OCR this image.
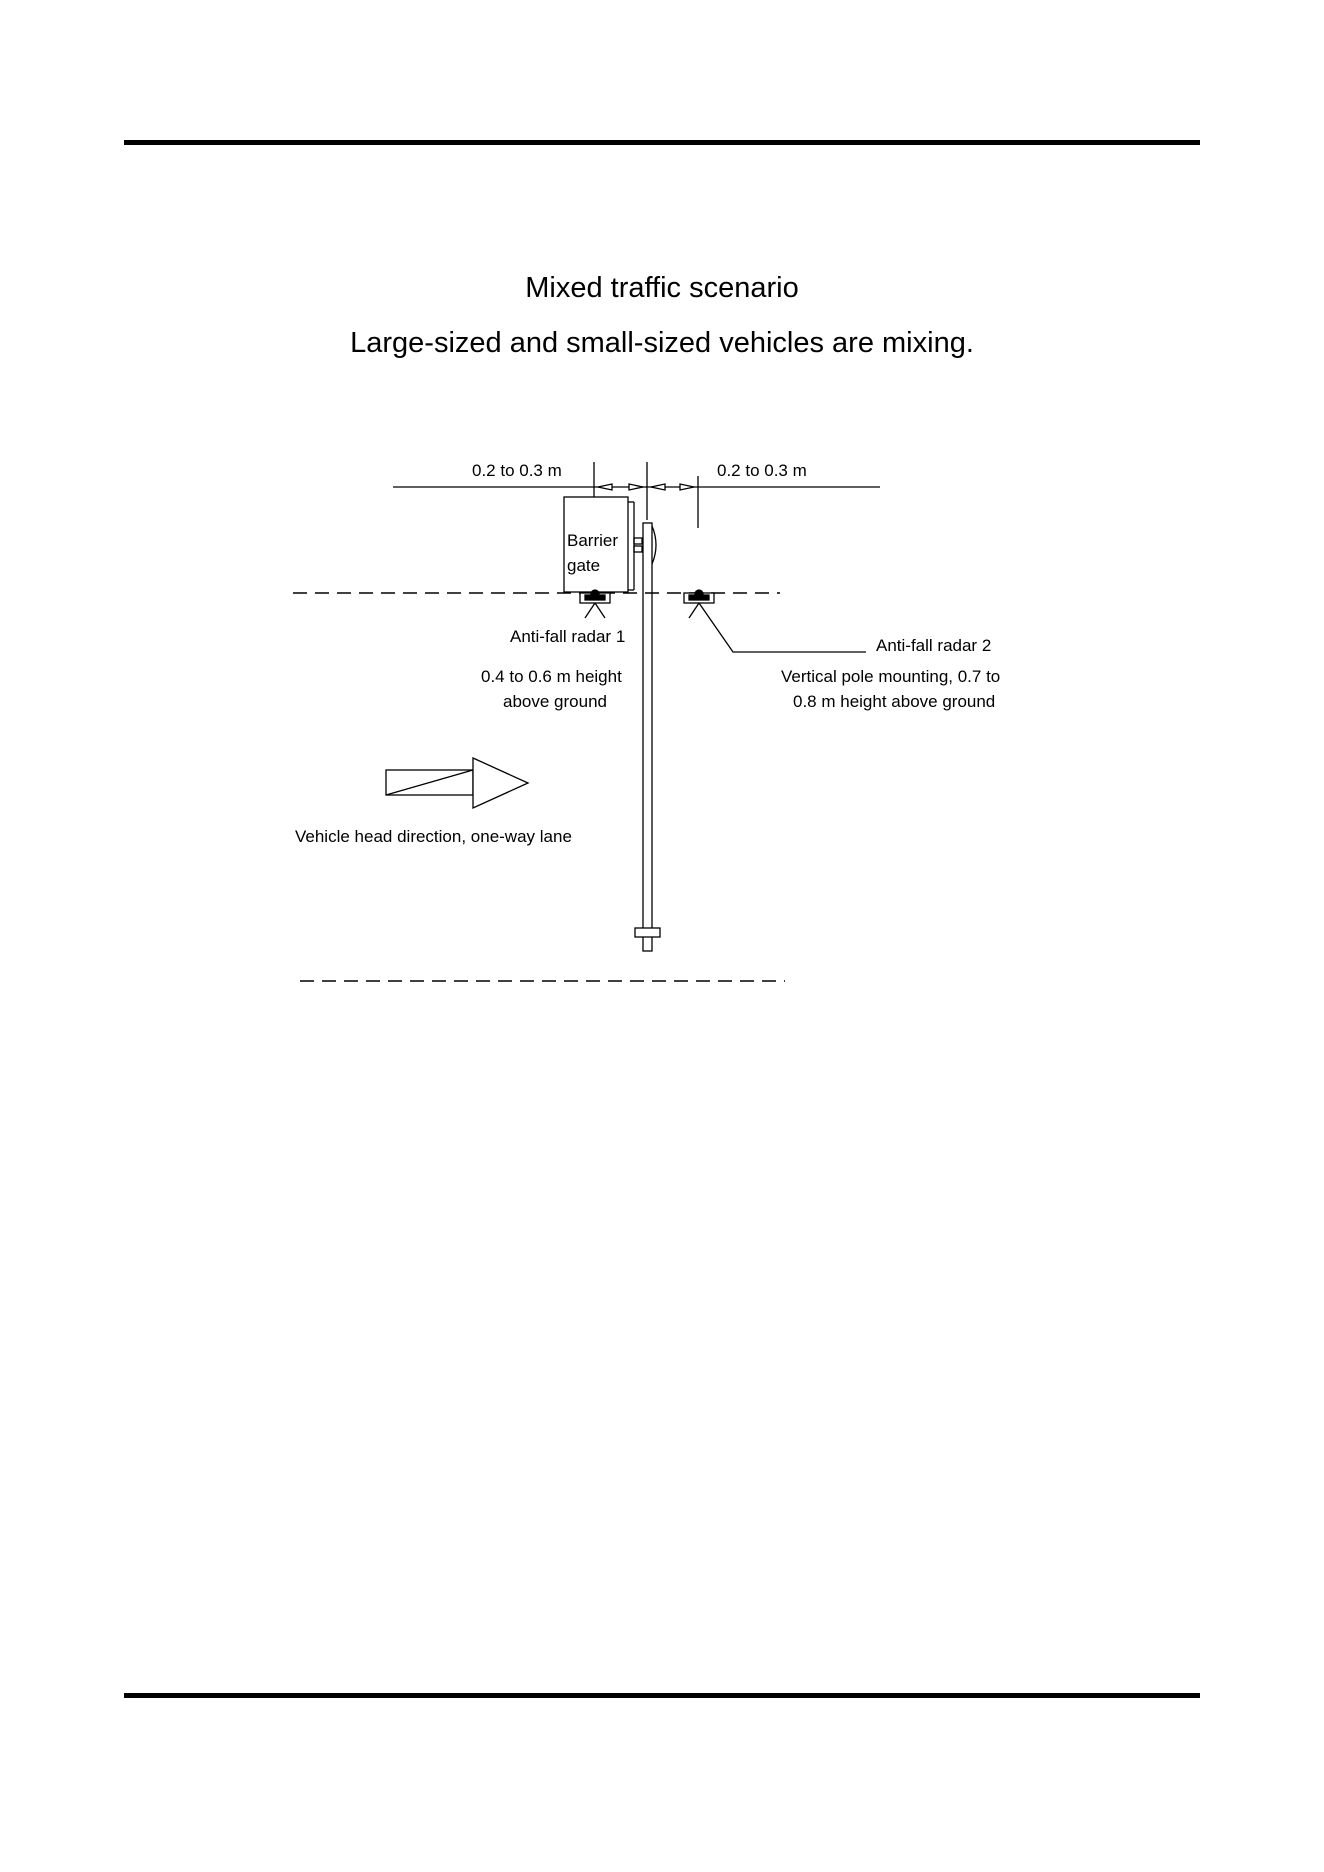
Mixed traffic scenario
Large-sized and small-sized vehicles are mixing.
0.2 to 0.3 m	0.2 to 0.3 m
Barrier
gate
Anti-fall radar 1
0.4 to 0.6 m height
above ground
Anti-fall radar 2
Vertical pole mounting, 0.7 to
0.8 m height above ground
Vehicle head direction, one-way lane
